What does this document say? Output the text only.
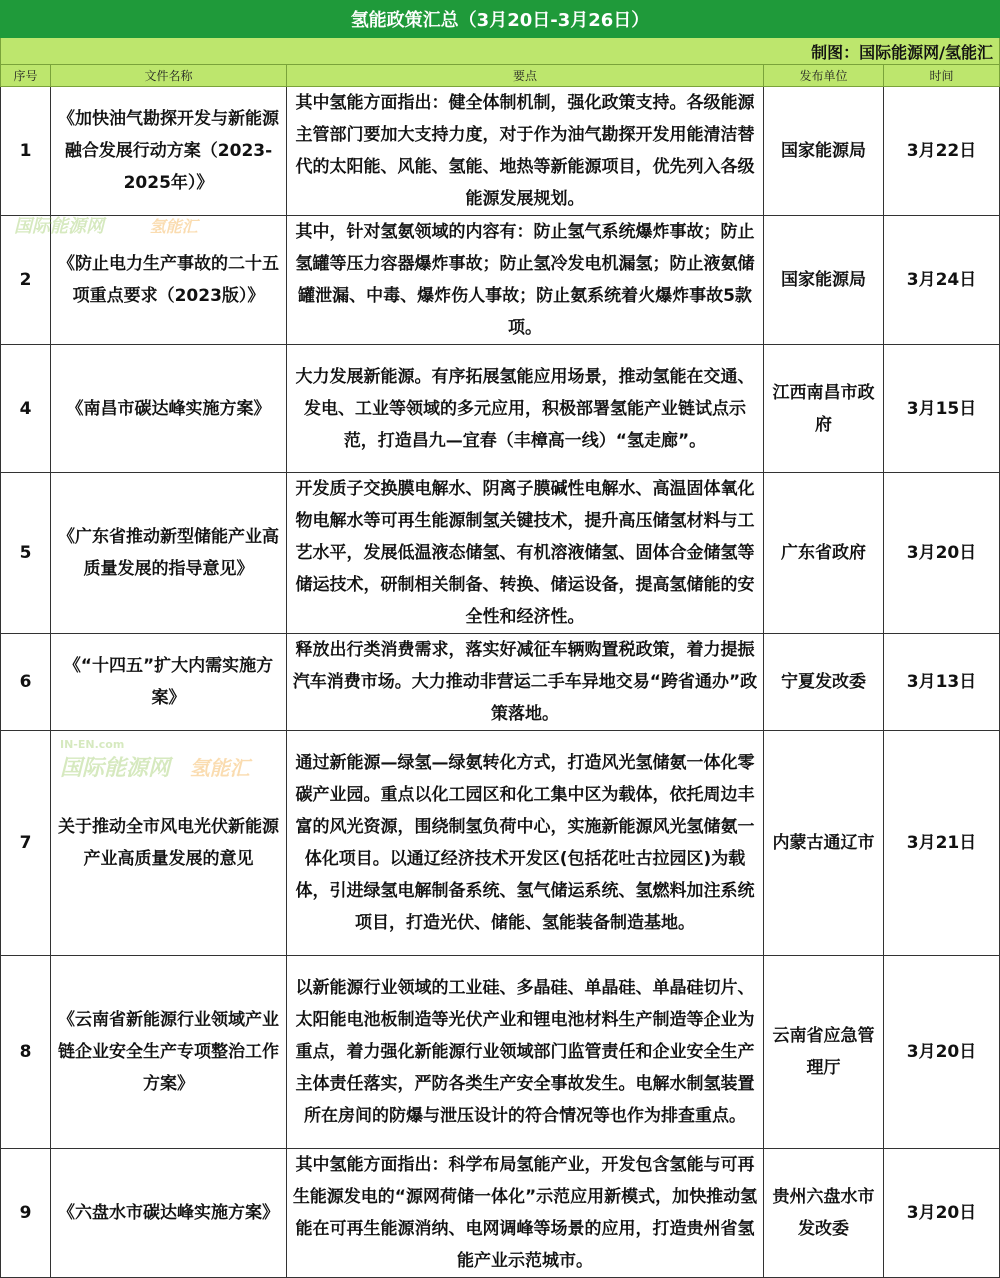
氢能政策汇总（3月20日-3月26日）				
制图：国际能源网/氢能汇				
序号	文件名称	要点	发布单位	时间
1	《加快油气勘探开发与新能源融合发展行动方案（2023-2025年）》	其中氢能方面指出：健全体制机制，强化政策支持。各级能源主管部门要加大支持力度，对于作为油气勘探开发用能清洁替代的太阳能、风能、氢能、地热等新能源项目，优先列入各级能源发展规划。	国家能源局	3月22日
2	《防止电力生产事故的二十五项重点要求（2023版）》	其中，针对氢氨领域的内容有：防止氢气系统爆炸事故；防止氢罐等压力容器爆炸事故；防止氢冷发电机漏氢；防止液氨储罐泄漏、中毒、爆炸伤人事故；防止氨系统着火爆炸事故5款项。	国家能源局	3月24日
4	《南昌市碳达峰实施方案》	大力发展新能源。有序拓展氢能应用场景，推动氢能在交通、发电、工业等领域的多元应用，积极部署氢能产业链试点示范，打造昌九—宜春（丰樟高一线）“氢走廊”。	江西南昌市政府	3月15日
5	《广东省推动新型储能产业高质量发展的指导意见》	开发质子交换膜电解水、阴离子膜碱性电解水、高温固体氧化物电解水等可再生能源制氢关键技术，提升高压储氢材料与工艺水平，发展低温液态储氢、有机溶液储氢、固体合金储氢等储运技术，研制相关制备、转换、储运设备，提高氢储能的安全性和经济性。	广东省政府	3月20日
6	《“十四五”扩大内需实施方案》	释放出行类消费需求，落实好减征车辆购置税政策，着力提振汽车消费市场。大力推动非营运二手车异地交易“跨省通办”政策落地。	宁夏发改委	3月13日
7	关于推动全市风电光伏新能源产业高质量发展的意见	通过新能源—绿氢—绿氨转化方式，打造风光氢储氨一体化零碳产业园。重点以化工园区和化工集中区为载体，依托周边丰富的风光资源，围绕制氢负荷中心，实施新能源风光氢储氨一体化项目。以通辽经济技术开发区(包括花吐古拉园区)为载体，引进绿氢电解制备系统、氢气储运系统、氢燃料加注系统项目，打造光伏、储能、氢能装备制造基地。	内蒙古通辽市	3月21日
8	《云南省新能源行业领域产业链企业安全生产专项整治工作方案》	以新能源行业领域的工业硅、多晶硅、单晶硅、单晶硅切片、太阳能电池板制造等光伏产业和锂电池材料生产制造等企业为重点，着力强化新能源行业领域部门监管责任和企业安全生产主体责任落实，严防各类生产安全事故发生。电解水制氢装置所在房间的防爆与泄压设计的符合情况等也作为排查重点。	云南省应急管理厅	3月20日
9	《六盘水市碳达峰实施方案》	其中氢能方面指出：科学布局氢能产业，开发包含氢能与可再生能源发电的“源网荷储一体化”示范应用新模式，加快推动氢能在可再生能源消纳、电网调峰等场景的应用，打造贵州省氢能产业示范城市。	贵州六盘水市发改委	3月20日
国际能源网	氢能汇
IN-EN.com
国际能源网 氢能汇
